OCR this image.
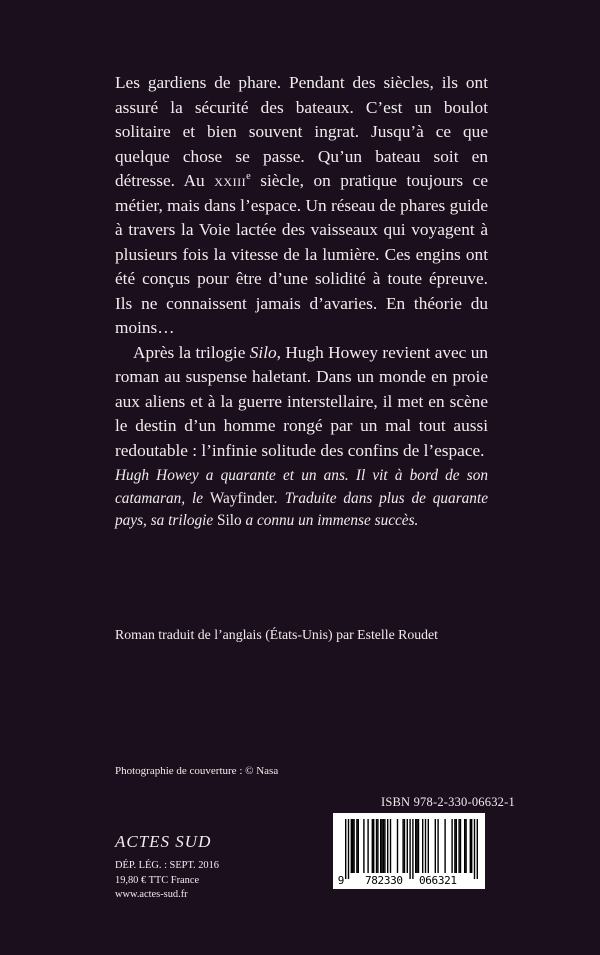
Les gardiens de phare. Pendant des siècles, ils ont assuré la sécurité des bateaux. C’est un boulot solitaire et bien souvent ingrat. Jusqu’à ce que quelque chose se passe. Qu’un bateau soit en détresse. Au xxiii$^e$ siècle, on pratique toujours ce métier, mais dans l’espace. Un réseau de phares guide à travers la Voie lactée des vaisseaux qui voyagent à plusieurs fois la vitesse de la lumière. Ces engins ont été conçus pour être d’une solidité à toute épreuve. Ils ne connaissent jamais d’avaries. En théorie du moins…

Après la trilogie Silo, Hugh Howey revient avec un roman au suspense haletant. Dans un monde en proie aux aliens et à la guerre interstellaire, il met en scène le destin d’un homme rongé par un mal tout aussi redoutable : l’infinie solitude des confins de l’espace.

Hugh Howey a quarante et un ans. Il vit à bord de son catamaran, le Wayfinder. Traduite dans plus de quarante pays, sa trilogie Silo a connu un immense succès.

Roman traduit de l’anglais (États-Unis) par Estelle Roudet

Photographie de couverture : © Nasa

ISBN 978-2-330-06632-1

9 782330 066321

ACTES SUD

DÉP. LÉG. : SEPT. 2016
19,80 € TTC France
www.actes-sud.fr
